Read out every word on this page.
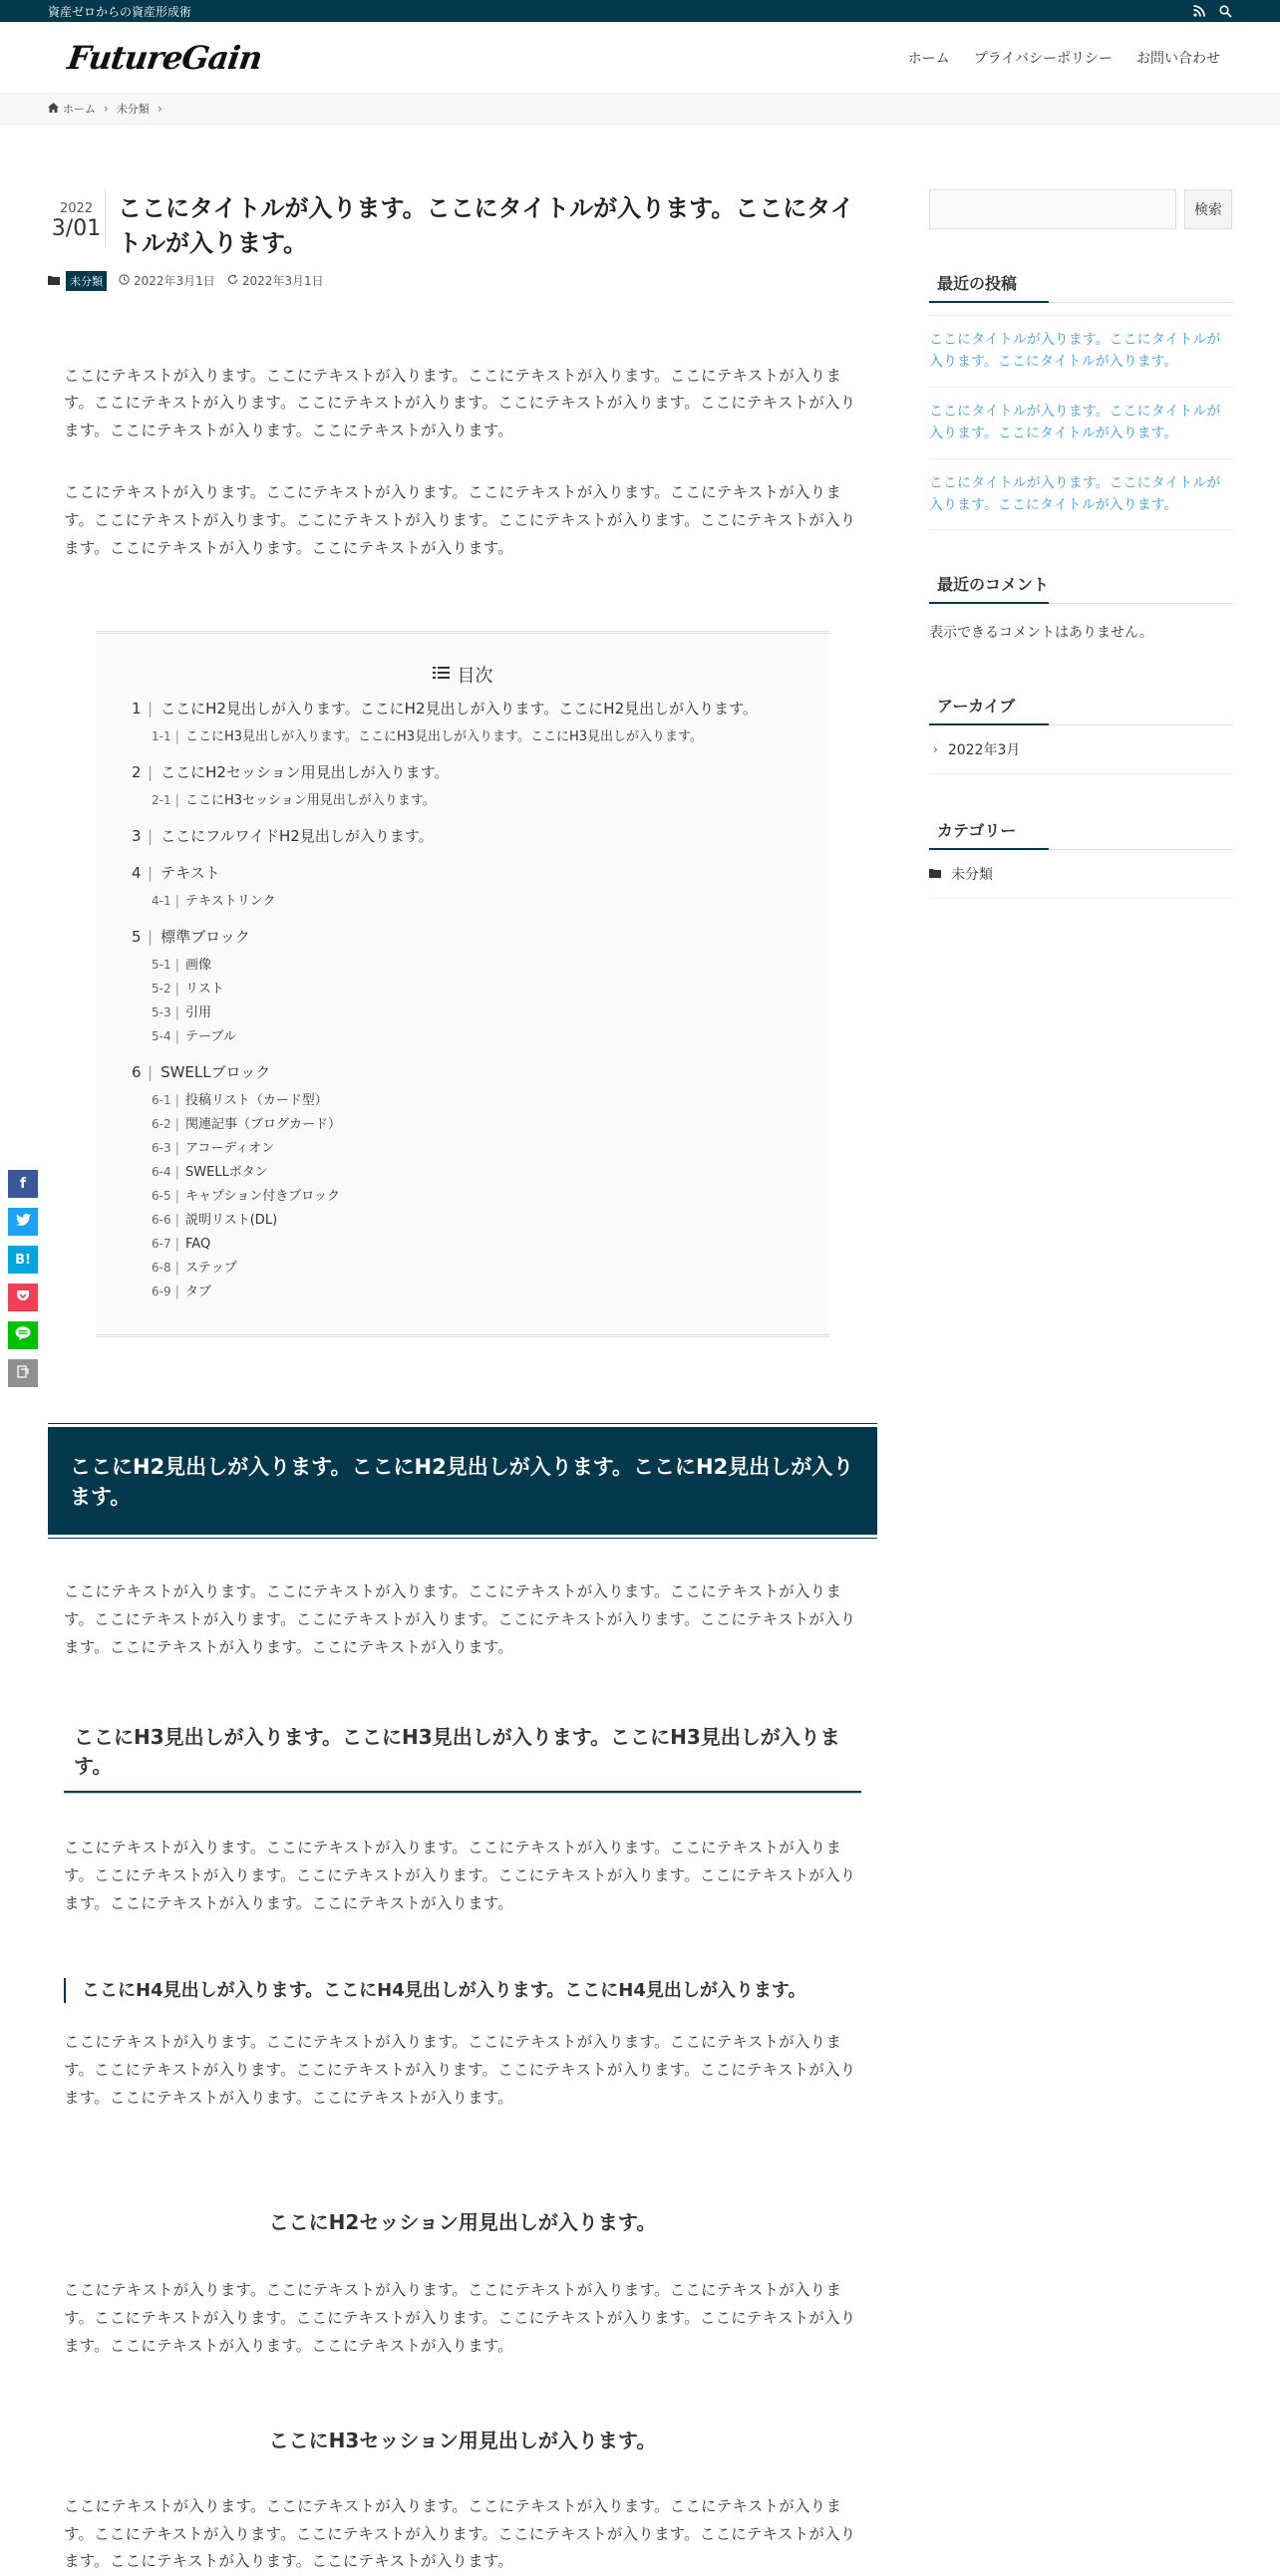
資産ゼロからの資産形成術
FutureGain	ホーム	プライバシーポリシー	お問い合わせ
ホーム › 未分類 ›
2022
3/01
ここにタイトルが入ります。ここにタイトルが入ります。ここにタイトルが入ります。
未分類	2022年3月1日 2022年3月1日

ここにテキストが入ります。ここにテキストが入ります。ここにテキストが入ります。ここにテキストが入ります。ここにテキストが入ります。ここにテキストが入ります。ここにテキストが入ります。ここにテキストが入ります。ここにテキストが入ります。ここにテキストが入ります。

ここにテキストが入ります。ここにテキストが入ります。ここにテキストが入ります。ここにテキストが入ります。ここにテキストが入ります。ここにテキストが入ります。ここにテキストが入ります。ここにテキストが入ります。ここにテキストが入ります。ここにテキストが入ります。

目次
1 | ここにH2見出しが入ります。ここにH2見出しが入ります。ここにH2見出しが入ります。
1-1 | ここにH3見出しが入ります。ここにH3見出しが入ります。ここにH3見出しが入ります。
2 | ここにH2セッション用見出しが入ります。
2-1 | ここにH3セッション用見出しが入ります。
3 | ここにフルワイドH2見出しが入ります。
4 | テキスト
4-1 | テキストリンク
5 | 標準ブロック
5-1 | 画像
5-2 | リスト
5-3 | 引用
5-4 | テーブル
6 | SWELLブロック
6-1 | 投稿リスト（カード型）
6-2 | 関連記事（ブログカード）
6-3 | アコーディオン
6-4 | SWELLボタン
6-5 | キャプション付きブロック
6-6 | 説明リスト(DL)
6-7 | FAQ
6-8 | ステップ
6-9 | タブ
ここにH2見出しが入ります。ここにH2見出しが入ります。ここにH2見出しが入ります。

ここにテキストが入ります。ここにテキストが入ります。ここにテキストが入ります。ここにテキストが入ります。ここにテキストが入ります。ここにテキストが入ります。ここにテキストが入ります。ここにテキストが入ります。ここにテキストが入ります。ここにテキストが入ります。

ここにH3見出しが入ります。ここにH3見出しが入ります。ここにH3見出しが入ります。

ここにテキストが入ります。ここにテキストが入ります。ここにテキストが入ります。ここにテキストが入ります。ここにテキストが入ります。ここにテキストが入ります。ここにテキストが入ります。ここにテキストが入ります。ここにテキストが入ります。ここにテキストが入ります。

ここにH4見出しが入ります。ここにH4見出しが入ります。ここにH4見出しが入ります。

ここにテキストが入ります。ここにテキストが入ります。ここにテキストが入ります。ここにテキストが入ります。ここにテキストが入ります。ここにテキストが入ります。ここにテキストが入ります。ここにテキストが入ります。ここにテキストが入ります。ここにテキストが入ります。

ここにH2セッション用見出しが入ります。

ここにテキストが入ります。ここにテキストが入ります。ここにテキストが入ります。ここにテキストが入ります。ここにテキストが入ります。ここにテキストが入ります。ここにテキストが入ります。ここにテキストが入ります。ここにテキストが入ります。ここにテキストが入ります。

ここにH3セッション用見出しが入ります。

ここにテキストが入ります。ここにテキストが入ります。ここにテキストが入ります。ここにテキストが入ります。ここにテキストが入ります。ここにテキストが入ります。ここにテキストが入ります。ここにテキストが入ります。ここにテキストが入ります。ここにテキストが入ります。

検索
最近の投稿
ここにタイトルが入ります。ここにタイトルが入ります。ここにタイトルが入ります。
ここにタイトルが入ります。ここにタイトルが入ります。ここにタイトルが入ります。
ここにタイトルが入ります。ここにタイトルが入ります。ここにタイトルが入ります。
最近のコメント
表示できるコメントはありません。
アーカイブ
› 2022年3月
カテゴリー
未分類
f
B!
